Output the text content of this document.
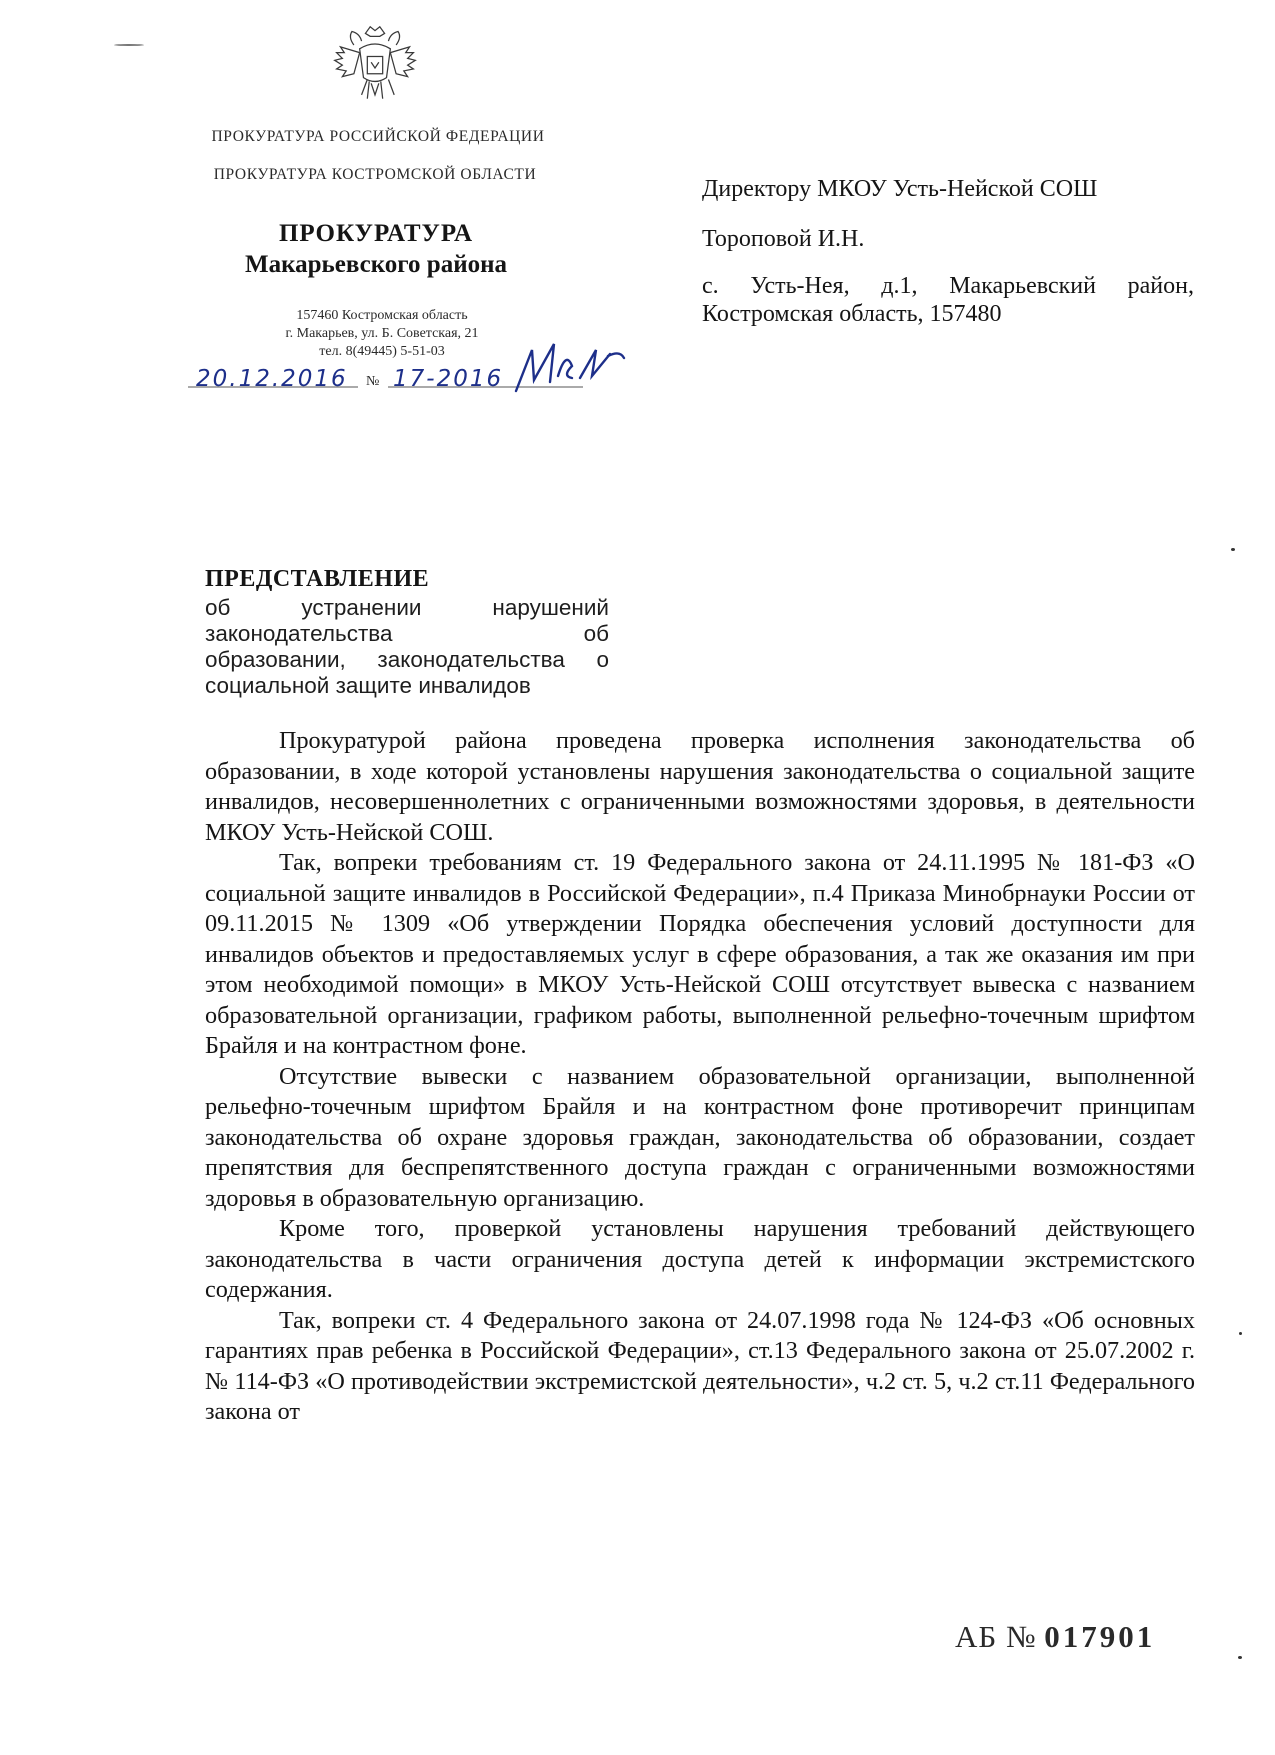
ПРОКУРАТУРА РОССИЙСКОЙ ФЕДЕРАЦИИ
ПРОКУРАТУРА КОСТРОМСКОЙ ОБЛАСТИ
ПРОКУРАТУРА
Макарьевского района
157460 Костромская область
г. Макарьев, ул. Б. Советская, 21
тел. 8(49445) 5-51-03
20.12.2016 № 17-2016
Директору МКОУ Усть-Нейской СОШ
Тороповой И.Н.
с. Усть-Нея, д.1, Макарьевский район,
Костромская область, 157480
ПРЕДСТАВЛЕНИЕ
об устранении нарушений
законодательства об
образовании, законодательства о
социальной защите инвалидов

Прокуратурой района проведена проверка исполнения законодательства об образовании, в ходе которой установлены нарушения законодательства о социальной защите инвалидов, несовершеннолетних с ограниченными возможностями здоровья, в деятельности МКОУ Усть-Нейской СОШ.

Так, вопреки требованиям ст. 19 Федерального закона от 24.11.1995 № 181-ФЗ «О социальной защите инвалидов в Российской Федерации», п.4 Приказа Минобрнауки России от 09.11.2015 № 1309 «Об утверждении Порядка обеспечения условий доступности для инвалидов объектов и предоставляемых услуг в сфере образования, а так же оказания им при этом необходимой помощи» в МКОУ Усть-Нейской СОШ отсутствует вывеска с названием образовательной организации, графиком работы, выполненной рельефно-точечным шрифтом Брайля и на контрастном фоне.

Отсутствие вывески с названием образовательной организации, выполненной рельефно-точечным шрифтом Брайля и на контрастном фоне противоречит принципам законодательства об охране здоровья граждан, законодательства об образовании, создает препятствия для беспрепятственного доступа граждан с ограниченными возможностями здоровья в образовательную организацию.

Кроме того, проверкой установлены нарушения требований действующего законодательства в части ограничения доступа детей к информации экстремистского содержания.

Так, вопреки ст. 4 Федерального закона от 24.07.1998 года № 124-ФЗ «Об основных гарантиях прав ребенка в Российской Федерации», ст.13 Федерального закона от 25.07.2002 г. № 114-ФЗ «О противодействии экстремистской деятельности», ч.2 ст. 5, ч.2 ст.11 Федерального закона от

АБ № 017901
